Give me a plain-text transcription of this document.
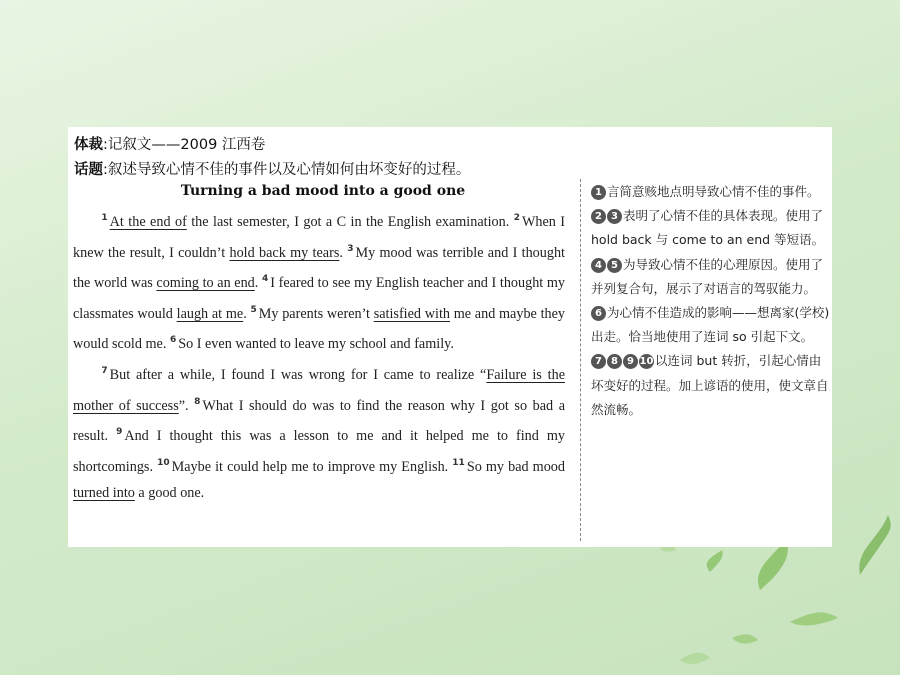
体裁:记叙文——2009 江西卷
话题:叙述导致心情不佳的事件以及心情如何由坏变好的过程。
Turning a bad mood into a good one

$^1$ At the end of the last semester, I got a C in the English examination. $^2$ When I knew the result, I couldn’t hold back my tears. $^3$ My mood was terrible and I thought the world was coming to an end. $^4$ I feared to see my English teacher and I thought my classmates would laugh at me. $^5$ My parents weren’t satisfied with me and maybe they would scold me. $^6$ So I even wanted to leave my school and family.

$^7$ But after a while, I found I was wrong for I came to realize “Failure is the mother of success”. $^8$ What I should do was to find the reason why I got so bad a result. $^9$ And I thought this was a lesson to me and it helped me to find my shortcomings. $^{10}$ Maybe it could help me to improve my English. $^{11}$ So my bad mood turned into a good one.

1 言简意赅地点明导致心情不佳的事件。
2 3 表明了心情不佳的具体表现。使用了 hold back 与 come to an end 等短语。
4 5 为导致心情不佳的心理原因。使用了并列复合句，展示了对语言的驾驭能力。
6 为心情不佳造成的影响——想离家(学校)出走。恰当地使用了连词 so 引起下文。
7 8 9 10 以连词 but 转折，引起心情由坏变好的过程。加上谚语的使用，使文章自然流畅。
